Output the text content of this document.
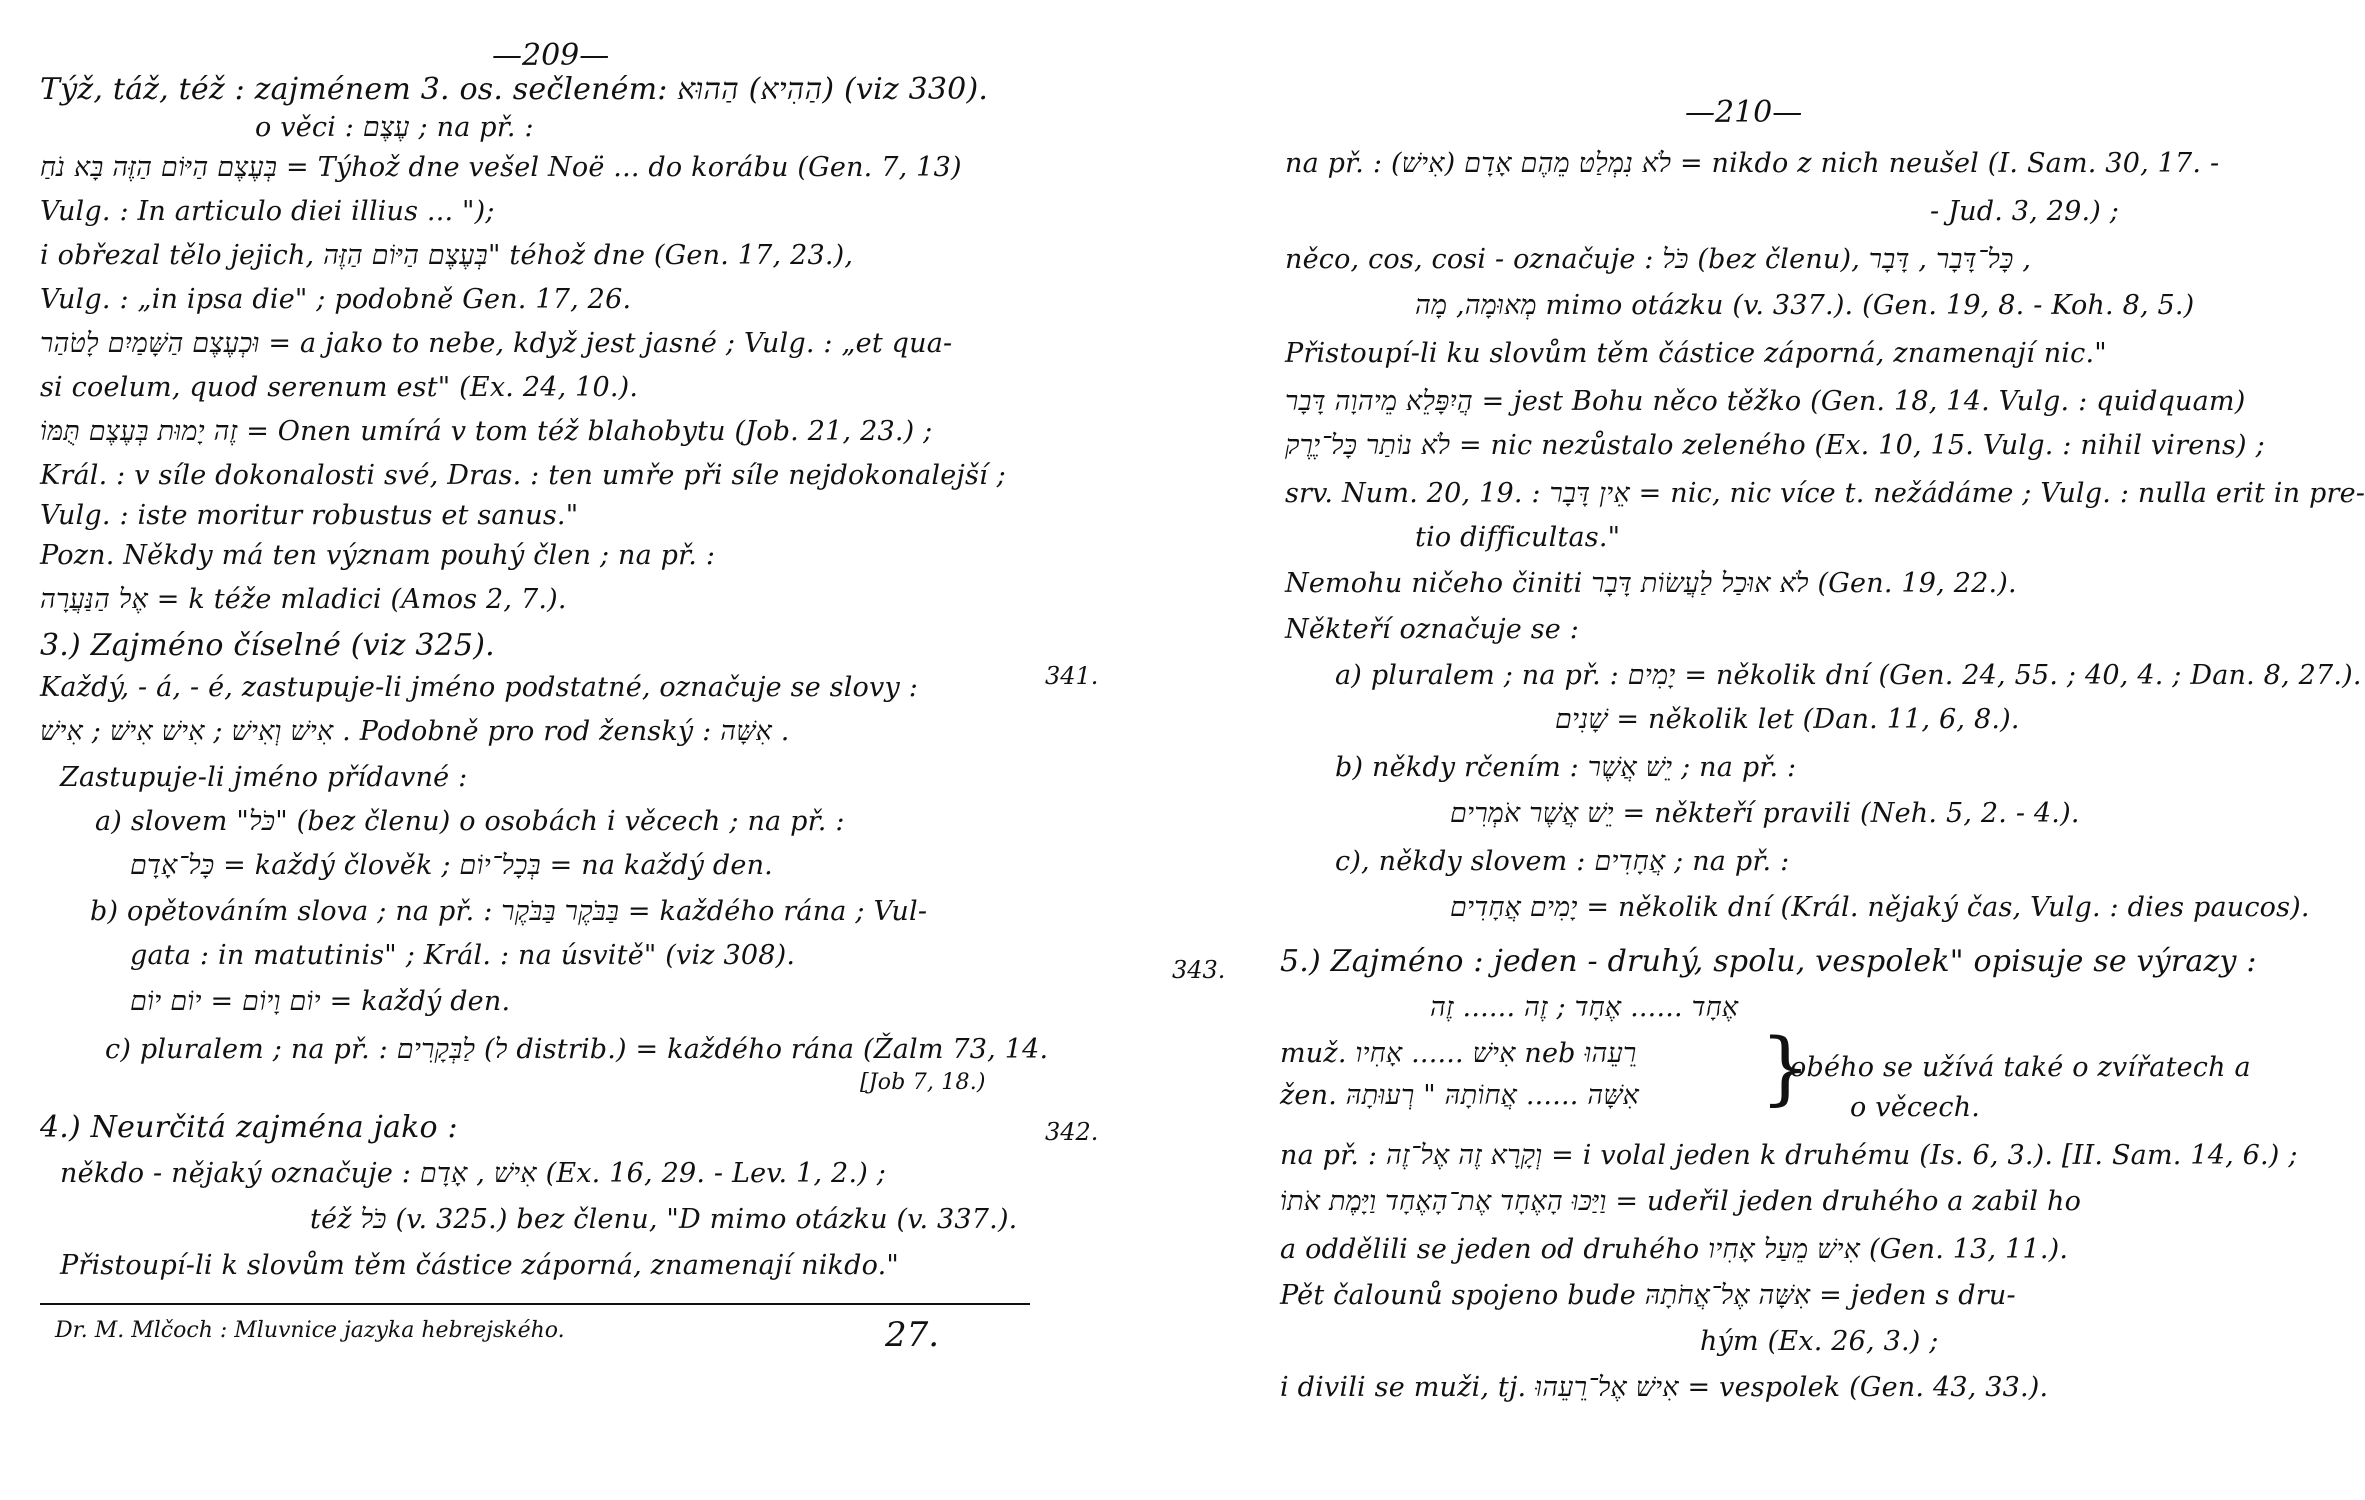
—209—
Týž, táž, též : zajménem 3. os. sečleném: הַהִיא) הַהוּא) (viz 330).
o věci : עֶצֶם ; na př. :
בְּעֶצֶם הַיּוֹם הַזֶּה בָּא נֹחַ = Týhož dne vešel Noë ... do korábu (Gen. 7, 13)
Vulg. : In articulo diei illius ... ");
i obřezal tělo jejich, בְּעֶצֶם הַיּוֹם הַזֶּה" téhož dne (Gen. 17, 23.),
Vulg. : „in ipsa die" ; podobně Gen. 17, 26.
וּכְעֶצֶם הַשָּׁמַיִם לָטֹהַר = a jako to nebe, když jest jasné ; Vulg. : „et qua-
si coelum, quod serenum est" (Ex. 24, 10.).
זֶה יָמוּת בְּעֶצֶם תֻּמּוֹ = Onen umírá v tom též blahobytu (Job. 21, 23.) ;
Král. : v síle dokonalosti své, Dras. : ten umře při síle nejdokonalejší ;
Vulg. : iste moritur robustus et sanus."
Pozn. Někdy má ten význam pouhý člen ; na př. :
אֶל הַנַּעֲרָה = k téže mladici (Amos 2, 7.).
3.) Zajméno číselné (viz 325).
Každý, - á, - é, zastupuje-li jméno podstatné, označuje se slovy :
אִישׁ וְאִישׁ ; אִישׁ אִישׁ ; אִישׁ . Podobně pro rod ženský : אִשָּׁה .
Zastupuje-li jméno přídavné :
a) slovem "כֹּל" (bez členu) o osobách i věcech ; na př. :
כָּל־אָדָם = každý člověk ; בְּכָל־יוֹם = na každý den.
b) opětováním slova ; na př. : בַּבֹּקֶר בַּבֹּקֶר = každého rána ; Vul-
gata : in matutinis" ; Král. : na úsvitě" (viz 308).
יוֹם וָיוֹם = יוֹם יוֹם = každý den.
c) pluralem ; na př. : לַבְּקָרִים (ל distrib.) = každého rána (Žalm 73, 14.
[Job 7, 18.)
4.) Neurčitá zajména jako :
někdo - nějaký označuje : אִישׁ , אָדָם (Ex. 16, 29. - Lev. 1, 2.) ;
též כֹּל (v. 325.) bez členu, "D mimo otázku (v. 337.).
Přistoupí-li k slovům těm částice záporná, znamenají nikdo."
341.
342.
Dr. M. Mlčoch : Mluvnice jazyka hebrejského.	27.
—210—
na př. : לֹא נִמְלַט מֵהֶם אָדָם (אִישׁ) = nikdo z nich neušel (I. Sam. 30, 17. -
- Jud. 3, 29.) ;
něco, cos, cosi - označuje : כֹּל (bez členu), כָּל־דָּבָר , דָּבָר ,
מְאוּמָה, מָה mimo otázku (v. 337.). (Gen. 19, 8. - Koh. 8, 5.)
Přistoupí-li ku slovům těm částice záporná, znamenají nic."
הֲיִפָּלֵא מֵיהוָה דָּבָר = jest Bohu něco těžko (Gen. 18, 14. Vulg. : quidquam)
לֹא נוֹתַר כָּל־יֶרֶק = nic nezůstalo zeleného (Ex. 10, 15. Vulg. : nihil virens) ;
srv. Num. 20, 19. : אֵין דָּבָר = nic, nic více t. nežádáme ; Vulg. : nulla erit in pre-
tio difficultas."
Nemohu ničeho činiti לֹא אוּכַל לַעֲשׂוֹת דָּבָר (Gen. 19, 22.).
Někteří označuje se :
a) pluralem ; na př. : יָמִים = několik dní (Gen. 24, 55. ; 40, 4. ; Dan. 8, 27.).
שָׁנִים = několik let (Dan. 11, 6, 8.).
b) někdy rčením : יֵשׁ אֲשֶׁר ; na př. :
יֵשׁ אֲשֶׁר אֹמְרִים = někteří pravili (Neh. 5, 2. - 4.).
c), někdy slovem : אֲחָדִים ; na př. :
יָמִים אֲחָדִים = několik dní (Král. nějaký čas, Vulg. : dies paucos).
5.) Zajméno : jeden - druhý, spolu, vespolek" opisuje se výrazy :
אֶחָד ...... אֶחָד ; זֶה ...... זֶה
muž. אִישׁ ...... אָחִיו neb רֵעֵהוּ
žen. אִשָּׁה ...... אֲחוֹתָהּ " רְעוּתָהּ }
obého se užívá také o zvířatech a
o věcech.
na př. : וְקָרָא זֶה אֶל־זֶה = i volal jeden k druhému (Is. 6, 3.). [II. Sam. 14, 6.) ;
וַיַּכּוּ הָאֶחָד אֶת־הָאֶחָד וַיָּמֶת אֹתוֹ = udeřil jeden druhého a zabil ho
a oddělili se jeden od druhého אִישׁ מֵעַל אָחִיו (Gen. 13, 11.).
Pět čalounů spojeno bude אִשָּׁה אֶל־אֲחֹתָהּ = jeden s dru-
hým (Ex. 26, 3.) ;
i divili se muži, tj. אִישׁ אֶל־רֵעֵהוּ = vespolek (Gen. 43, 33.).
343.
